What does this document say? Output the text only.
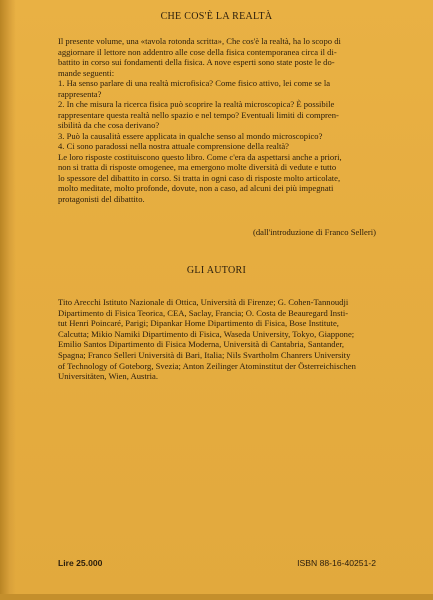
CHE COS'È LA REALTÀ
Il presente volume, una «tavola rotonda scritta», Che cos'è la realtà, ha lo scopo di
aggiornare il lettore non addentro alle cose della fisica contemporanea circa il di-
battito in corso sui fondamenti della fisica. A nove esperti sono state poste le do-
mande seguenti:
1. Ha senso parlare di una realtà microfisica? Come fisico attivo, lei come se la
rappresenta?
2. In che misura la ricerca fisica può scoprire la realtà microscopica? È possibile
rappresentare questa realtà nello spazio e nel tempo? Eventuali limiti di compren-
sibilità da che cosa derivano?
3. Può la causalità essere applicata in qualche senso al mondo microscopico?
4. Ci sono paradossi nella nostra attuale comprensione della realtà?
Le loro risposte costituiscono questo libro. Come c'era da aspettarsi anche a priori,
non si tratta di risposte omogenee, ma emergono molte diversità di vedute e tutto
lo spessore del dibattito in corso. Si tratta in ogni caso di risposte molto articolate,
molto meditate, molto profonde, dovute, non a caso, ad alcuni dei più impegnati
protagonisti del dibattito.
(dall'introduzione di Franco Selleri)
GLI AUTORI
Tito Arecchi Istituto Nazionale di Ottica, Università di Firenze; G. Cohen-Tannoudji
Dipartimento di Fisica Teorica, CEA, Saclay, Francia; O. Costa de Beauregard Insti-
tut Henri Poincaré, Parigi; Dipankar Home Dipartimento di Fisica, Bose Institute,
Calcutta; Mikio Namiki Dipartimento di Fisica, Waseda University, Tokyo, Giappone;
Emilio Santos Dipartimento di Fisica Moderna, Università di Cantabria, Santander,
Spagna; Franco Selleri Università di Bari, Italia; Nils Svartholm Chanrers University
of Technology of Goteborg, Svezia; Anton Zeilinger Atominstitut der Österreichischen
Universitäten, Wien, Austria.
Lire 25.000	ISBN 88-16-40251-2
